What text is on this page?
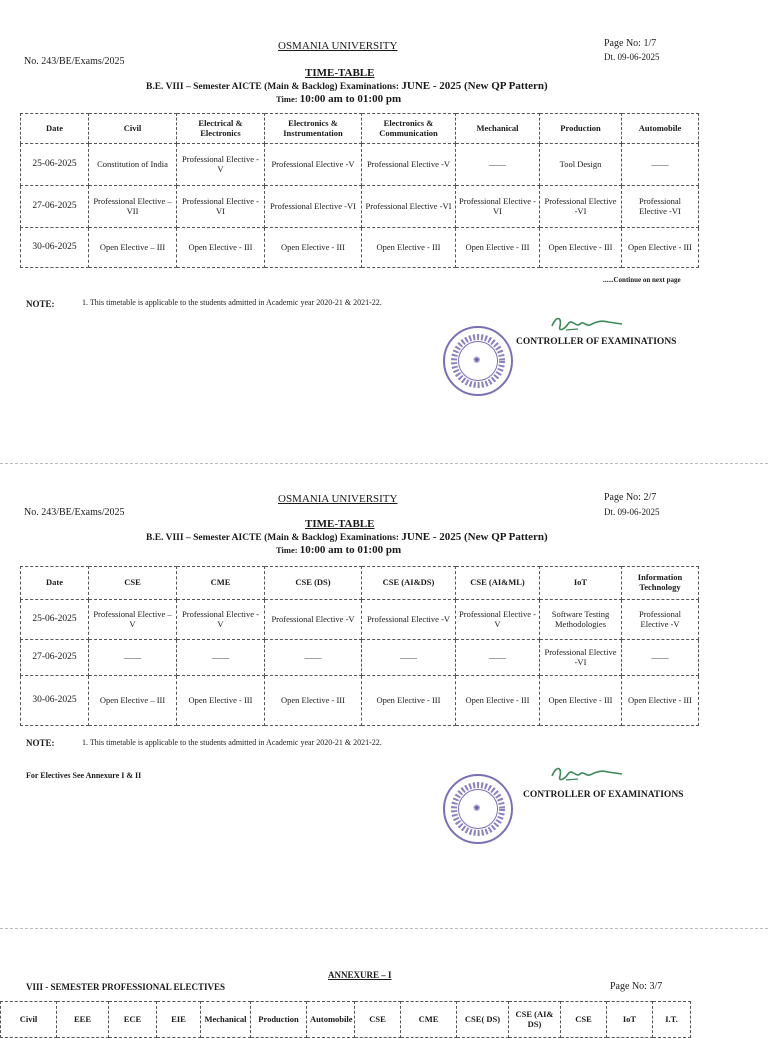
OSMANIA UNIVERSITY	Page No: 1/7
No. 243/BE/Exams/2025	Dt. 09-06-2025
TIME-TABLE
B.E. VIII – Semester AICTE (Main & Backlog) Examinations: JUNE - 2025 (New QP Pattern)
Time: 10:00 am to 01:00 pm
Date	Civil	Electrical & Electronics	Electronics & Instrumentation	Electronics & Communication	Mechanical	Production	Automobile
25-06-2025	Constitution of India	Professional Elective -V	Professional Elective -V	Professional Elective -V	——	Tool Design	——
27-06-2025	Professional Elective –VII	Professional Elective -VI	Professional Elective -VI	Professional Elective -VI	Professional Elective -VI	Professional Elective -VI	Professional Elective -VI
30-06-2025	Open Elective – III	Open Elective - III	Open Elective - III	Open Elective - III	Open Elective - III	Open Elective - III	Open Elective - III
......Continue on next page
NOTE:	1. This timetable is applicable to the students admitted in Academic year 2020-21 & 2021-22.
CONTROLLER OF EXAMINATIONS
✺
OSMANIA UNIVERSITY	Page No: 2/7
No. 243/BE/Exams/2025	Dt. 09-06-2025
TIME-TABLE
B.E. VIII – Semester AICTE (Main & Backlog) Examinations: JUNE - 2025 (New QP Pattern)
Time: 10:00 am to 01:00 pm
Date	CSE	CME	CSE (DS)	CSE (AI&DS)	CSE (AI&ML)	IoT	Information Technology
25-06-2025	Professional Elective –V	Professional Elective -V	Professional Elective -V	Professional Elective -V	Professional Elective -V	Software Testing Methodologies	Professional Elective -V
27-06-2025	——	——	——	——	——	Professional Elective -VI	——
30-06-2025	Open Elective – III	Open Elective - III	Open Elective - III	Open Elective - III	Open Elective - III	Open Elective - III	Open Elective - III
NOTE:	1. This timetable is applicable to the students admitted in Academic year 2020-21 & 2021-22.
For Electives See Annexure I & II
CONTROLLER OF EXAMINATIONS
✺
ANNEXURE – I
VIII - SEMESTER PROFESSIONAL ELECTIVES	Page No: 3/7
Civil	EEE	ECE	EIE	Mechanical	Production	Automobile	CSE	CME	CSE( DS)	CSE (AI& DS)	CSE	IoT	I.T.
